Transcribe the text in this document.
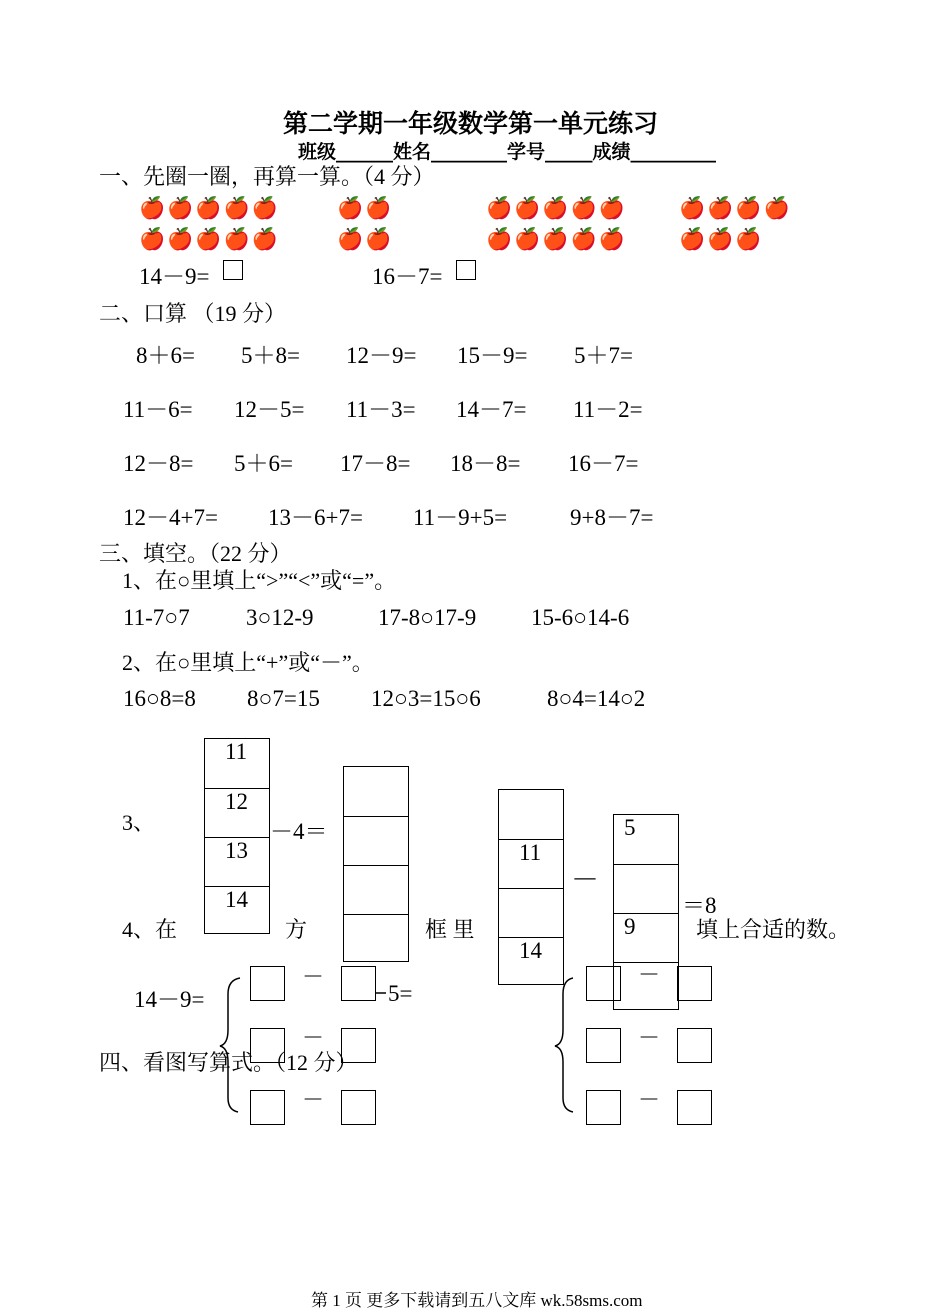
第二学期一年级数学第一单元练习
班级______姓名________学号_____成绩_________
一、先圈一圈，再算一算。（4 分）
🍎🍎🍎🍎🍎
🍎🍎🍎🍎🍎
🍎🍎
🍎🍎
🍎🍎🍎🍎🍎
🍎🍎🍎🍎🍎
🍎🍎🍎🍎
🍎🍎🍎
14－9=	16－7=
二、口算 （19 分）
8＋6= 5＋8= 12－9= 15－9= 5＋7=
11－6= 12－5= 11－3= 14－7= 11－2=
12－8= 5＋6= 17－8= 18－8= 16－7=
12－4+7= 13－6+7= 11－9+5=	9+8－7=
三、填空。（22 分）
1、在○里填上“>”“<”或“=”。
11-7○7 3○12-9	17-8○17-9 15-6○14-6
2、在○里填上“+”或“－”。
16○8=8 8○7=15 12○3=15○6	8○4=14○2
3、
11
12
13
14
－4＝
11
14
－
5
9
＝8
4、在	方	框 里	填上合适的数。
14－9=	5=
－
－
－
－
－
－
四、看图写算式。（12 分）
第 1 页 更多下载请到五八文库 wk.58sms.com
